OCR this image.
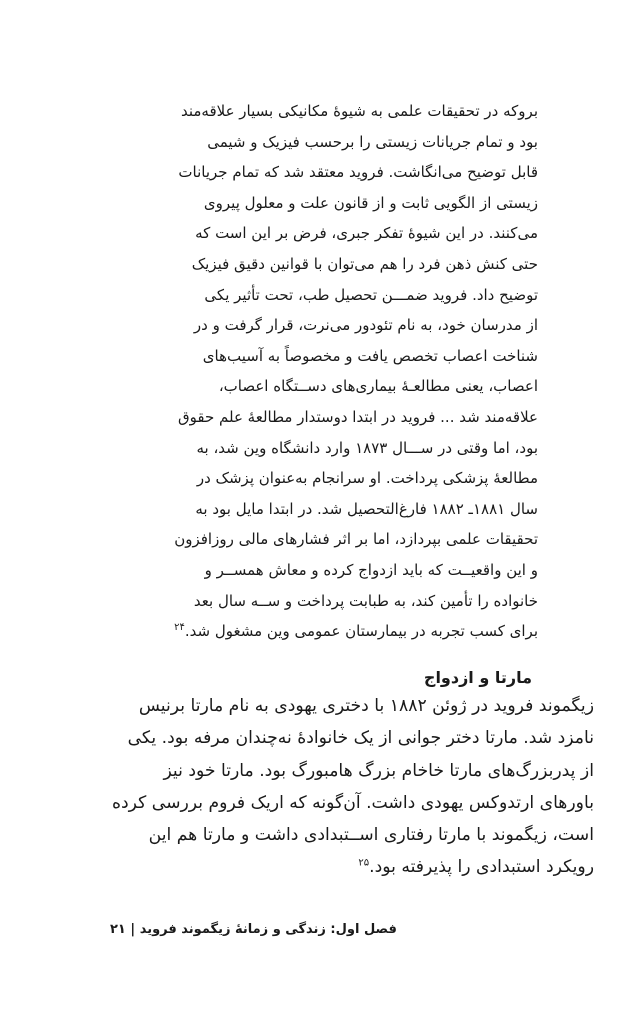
بروکه در تحقیقات علمی به شیوهٔ مکانیکی بسیار علاقه‌مند
بود و تمام جریانات زیستی را برحسب فیزیک و شیمی
قابل توضیح می‌انگاشت. فروید معتقد شد که تمام جریانات
زیستی از الگویی ثابت و از قانون علت و معلول پیروی
می‌کنند. در این شیوهٔ تفکر جبری، فرض بر این است که
حتی کنش ذهن فرد را هم می‌توان با قوانین دقیق فیزیک
توضیح داد. فروید ضمـــن تحصیل طب، تحت تأثیر یکی
از مدرسان خود، به نام تئودور می‌نرت، قرار گرفت و در
شناخت اعصاب تخصص یافت و مخصوصاً به آسیب‌های
اعصاب، یعنی مطالعـهٔ بیماری‌های دســتگاه اعصاب،
علاقه‌مند شد ... فروید در ابتدا دوستدار مطالعهٔ علم حقوق
بود، اما وقتی در ســـال ۱۸۷۳ وارد دانشگاه وین شد، به
مطالعهٔ پزشکی پرداخت. او سرانجام به‌عنوان پزشک در
سال ۱۸۸۱ـ ۱۸۸۲ فارغ‌التحصیل شد. در ابتدا مایل بود به
تحقیقات علمی بپردازد، اما بر اثر فشارهای مالی روزافزون
و این واقعیــت که باید ازدواج کرده و معاش همســر و
خانواده را تأمین کند، به طبابت پرداخت و ســه سال بعد
برای کسب تجربه در بیمارستان عمومی وین مشغول شد.$^{۲۴}$
مارتا و ازدواج
زیگموند فروید در ژوئن ۱۸۸۲ با دختری یهودی به نام مارتا برنیس
نامزد شد. مارتا دختر جوانی از یک خانوادهٔ نه‌چندان مرفه بود. یکی
از پدربزرگ‌های مارتا خاخام بزرگ هامبورگ بود. مارتا خود نیز
باورهای ارتدوکس یهودی داشت. آن‌گونه که اریک فروم بررسی کرده
است، زیگموند با مارتا رفتاری اســتبدادی داشت و مارتا هم این
رویکرد استبدادی را پذیرفته بود.$^{۲۵}$
فصل اول: زندگی و زمانهٔ زیگموند فروید | ۲۱
